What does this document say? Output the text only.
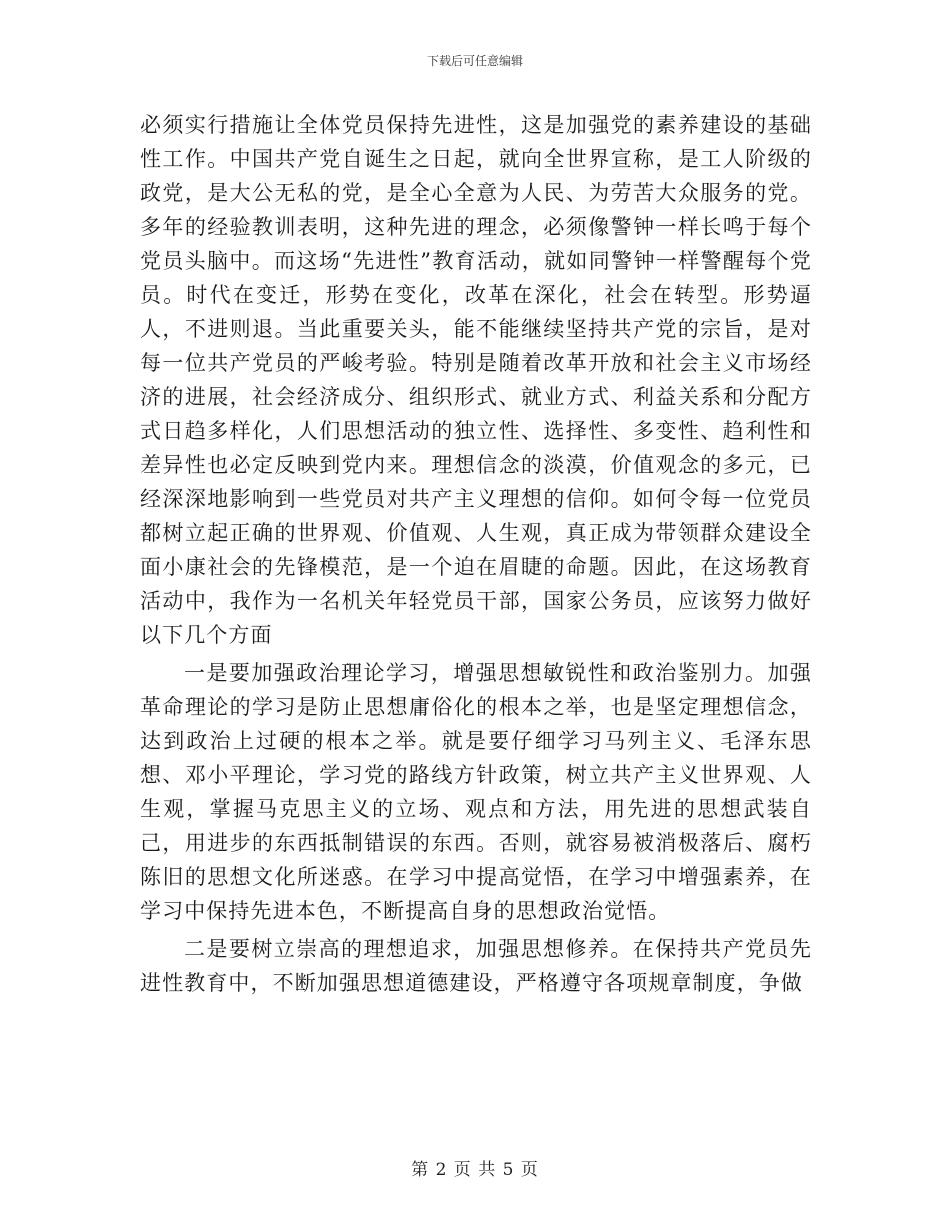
下载后可任意编辑

必须实行措施让全体党员保持先进性，这是加强党的素养建设的基础性工作。中国共产党自诞生之日起，就向全世界宣称，是工人阶级的政党，是大公无私的党，是全心全意为人民、为劳苦大众服务的党。多年的经验教训表明，这种先进的理念，必须像警钟一样长鸣于每个党员头脑中。而这场“先进性”教育活动，就如同警钟一样警醒每个党员。时代在变迁，形势在变化，改革在深化，社会在转型。形势逼人，不进则退。当此重要关头，能不能继续坚持共产党的宗旨，是对每一位共产党员的严峻考验。特别是随着改革开放和社会主义市场经济的进展，社会经济成分、组织形式、就业方式、利益关系和分配方式日趋多样化，人们思想活动的独立性、选择性、多变性、趋利性和差异性也必定反映到党内来。理想信念的淡漠，价值观念的多元，已经深深地影响到一些党员对共产主义理想的信仰。如何令每一位党员都树立起正确的世界观、价值观、人生观，真正成为带领群众建设全面小康社会的先锋模范，是一个迫在眉睫的命题。因此，在这场教育活动中，我作为一名机关年轻党员干部，国家公务员，应该努力做好以下几个方面

一是要加强政治理论学习，增强思想敏锐性和政治鉴别力。加强革命理论的学习是防止思想庸俗化的根本之举，也是坚定理想信念，达到政治上过硬的根本之举。就是要仔细学习马列主义、毛泽东思想、邓小平理论，学习党的路线方针政策，树立共产主义世界观、人生观，掌握马克思主义的立场、观点和方法，用先进的思想武装自己，用进步的东西抵制错误的东西。否则，就容易被消极落后、腐朽陈旧的思想文化所迷惑。在学习中提高觉悟，在学习中增强素养，在学习中保持先进本色，不断提高自身的思想政治觉悟。

二是要树立崇高的理想追求，加强思想修养。在保持共产党员先进性教育中，不断加强思想道德建设，严格遵守各项规章制度，争做

第 2 页 共 5 页
